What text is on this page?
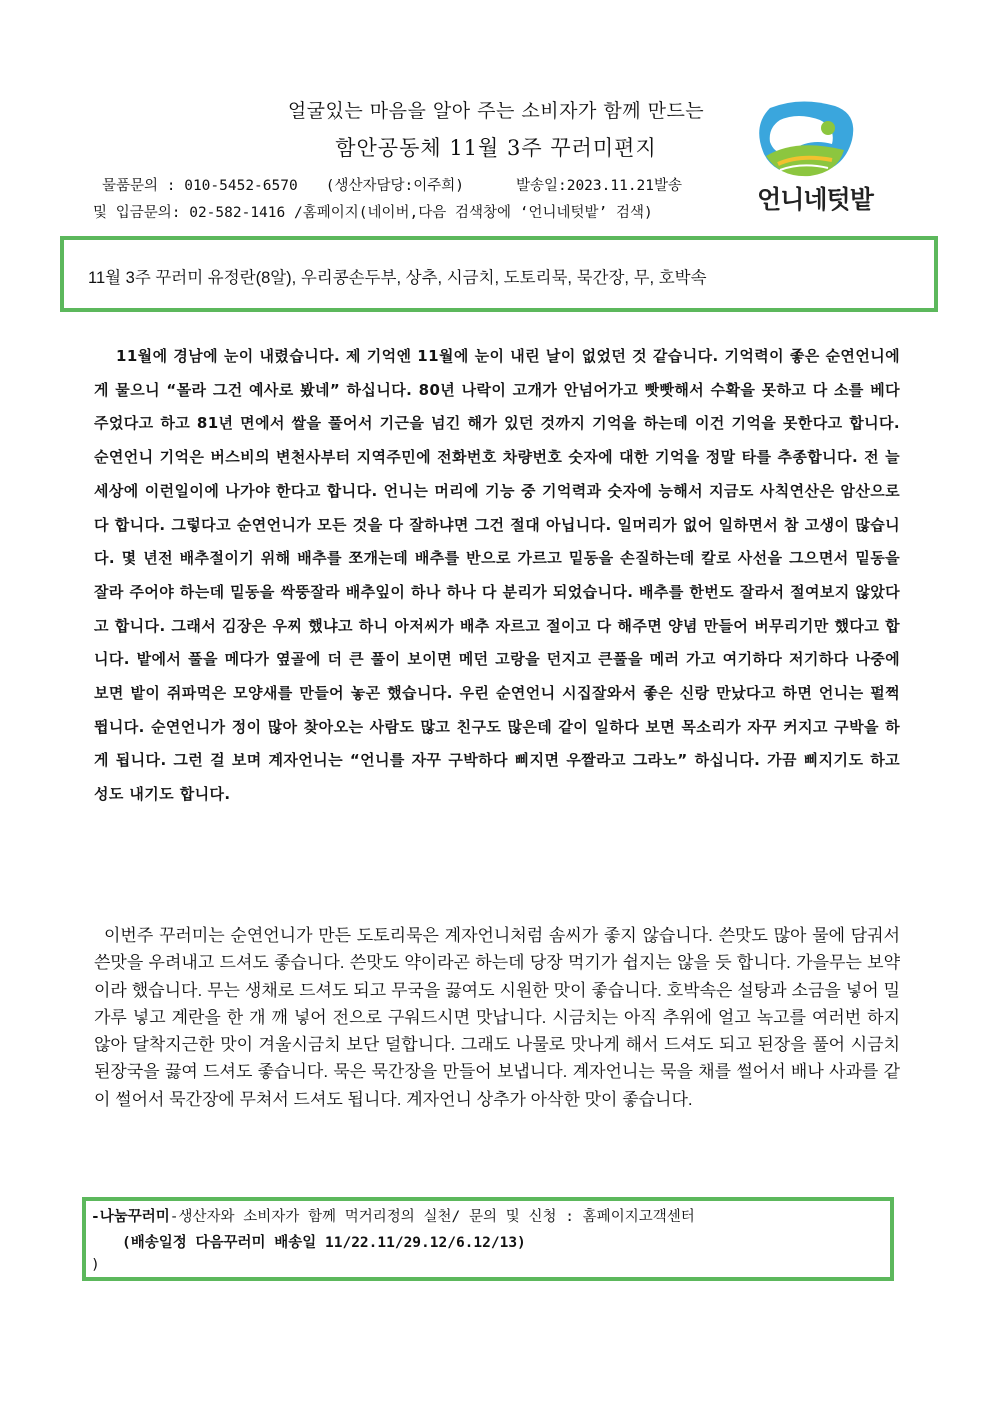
얼굴있는 마음을 알아 주는 소비자가 함께 만드는
함안공동체 11월 3주 꾸러미편지
물품문의 : 010-5452-6570 (생산자담당:이주희)	발송일:2023.11.21발송
및 입금문의: 02-582-1416 /홈페이지(네이버,다음 검색창에 ‘언니네텃밭’ 검색)	언니네텃밭
11월 3주 꾸러미 유정란(8알), 우리콩손두부, 상추, 시금치, 도토리묵, 묵간장, 무, 호박속
11월에 경남에 눈이 내렸습니다. 제 기억엔 11월에 눈이 내린 날이 없었던 것 같습니다. 기억력이 좋은 순연언니에게 물으니 “몰라 그건 예사로 봤네” 하십니다. 80년 나락이 고개가 안넘어가고 빳빳해서 수확을 못하고 다 소를 베다 주었다고 하고 81년 면에서 쌀을 풀어서 기근을 넘긴 해가 있던 것까지 기억을 하는데 이건 기억을 못한다고 합니다. 순연언니 기억은 버스비의 변천사부터 지역주민에 전화번호 차량번호 숫자에 대한 기억을 정말 타를 추종합니다. 전 늘 세상에 이런일이에 나가야 한다고 합니다. 언니는 머리에 기능 중 기억력과 숫자에 능해서 지금도 사칙연산은 암산으로 다 합니다. 그렇다고 순연언니가 모든 것을 다 잘하냐면 그건 절대 아닙니다. 일머리가 없어 일하면서 참 고생이 많습니다. 몇 년전 배추절이기 위해 배추를 쪼개는데 배추를 반으로 가르고 밑동을 손질하는데 칼로 사선을 그으면서 밑동을 잘라 주어야 하는데 밑동을 싹뚱잘라 배추잎이 하나 하나 다 분리가 되었습니다. 배추를 한번도 잘라서 절여보지 않았다고 합니다. 그래서 김장은 우찌 했냐고 하니 아저씨가 배추 자르고 절이고 다 해주면 양념 만들어 버무리기만 했다고 합니다. 밭에서 풀을 메다가 옆골에 더 큰 풀이 보이면 메던 고랑을 던지고 큰풀을 메러 가고 여기하다 저기하다 나중에 보면 밭이 쥐파먹은 모양새를 만들어 놓곤 했습니다. 우린 순연언니 시집잘와서 좋은 신랑 만났다고 하면 언니는 펄쩍 뜁니다. 순연언니가 정이 많아 찾아오는 사람도 많고 친구도 많은데 같이 일하다 보면 목소리가 자꾸 커지고 구박을 하게 됩니다. 그런 걸 보며 계자언니는 “언니를 자꾸 구박하다 삐지면 우짤라고 그라노” 하십니다. 가끔 삐지기도 하고 성도 내기도 합니다.
이번주 꾸러미는 순연언니가 만든 도토리묵은 계자언니처럼 솜씨가 좋지 않습니다. 쓴맛도 많아 물에 담궈서 쓴맛을 우려내고 드셔도 좋습니다. 쓴맛도 약이라곤 하는데 당장 먹기가 쉽지는 않을 듯 합니다. 가을무는 보약이라 했습니다. 무는 생채로 드셔도 되고 무국을 끓여도 시원한 맛이 좋습니다. 호박속은 설탕과 소금을 넣어 밀가루 넣고 계란을 한 개 깨 넣어 전으로 구워드시면 맛납니다. 시금치는 아직 추위에 얼고 녹고를 여러번 하지 않아 달착지근한 맛이 겨울시금치 보단 덜합니다. 그래도 나물로 맛나게 해서 드셔도 되고 된장을 풀어 시금치 된장국을 끓여 드셔도 좋습니다. 묵은 묵간장을 만들어 보냅니다. 계자언니는 묵을 채를 썰어서 배나 사과를 같이 썰어서 묵간장에 무쳐서 드셔도 됩니다. 계자언니 상추가 아삭한 맛이 좋습니다.
-나눔꾸러미-생산자와 소비자가 함께 먹거리정의 실천/ 문의 및 신청 : 홈페이지고객센터
(배송일정 다음꾸러미 배송일 11/22.11/29.12/6.12/13)
)
